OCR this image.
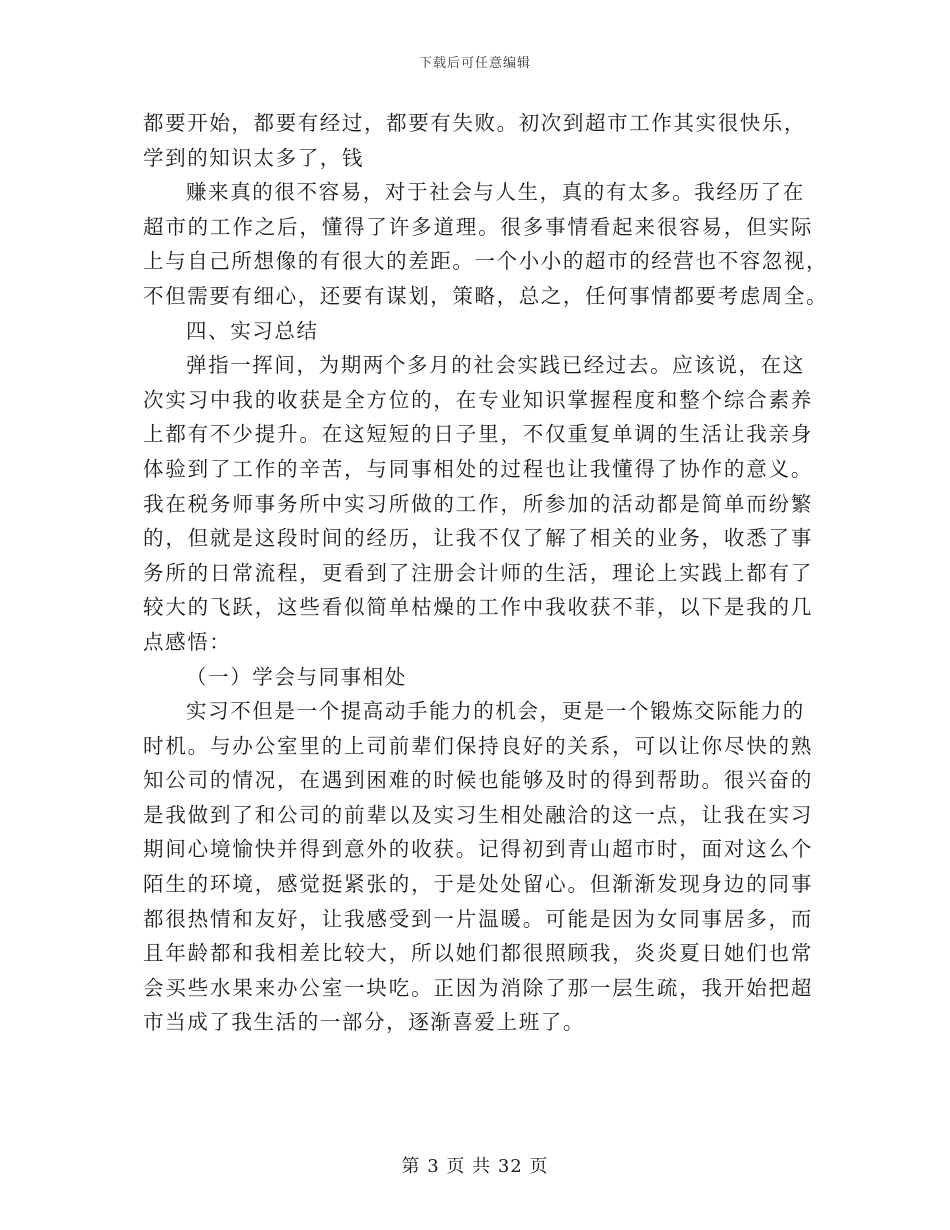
下载后可任意编辑
都要开始，都要有经过，都要有失败。初次到超市工作其实很快乐，
学到的知识太多了，钱
赚来真的很不容易，对于社会与人生，真的有太多。我经历了在
超市的工作之后，懂得了许多道理。很多事情看起来很容易，但实际
上与自己所想像的有很大的差距。一个小小的超市的经营也不容忽视，
不但需要有细心，还要有谋划，策略，总之，任何事情都要考虑周全。
四、实习总结
弹指一挥间，为期两个多月的社会实践已经过去。应该说，在这
次实习中我的收获是全方位的，在专业知识掌握程度和整个综合素养
上都有不少提升。在这短短的日子里，不仅重复单调的生活让我亲身
体验到了工作的辛苦，与同事相处的过程也让我懂得了协作的意义。
我在税务师事务所中实习所做的工作，所参加的活动都是简单而纷繁
的，但就是这段时间的经历，让我不仅了解了相关的业务，收悉了事
务所的日常流程，更看到了注册会计师的生活，理论上实践上都有了
较大的飞跃，这些看似简单枯燥的工作中我收获不菲，以下是我的几
点感悟：
（一）学会与同事相处
实习不但是一个提高动手能力的机会，更是一个锻炼交际能力的
时机。与办公室里的上司前辈们保持良好的关系，可以让你尽快的熟
知公司的情况，在遇到困难的时候也能够及时的得到帮助。很兴奋的
是我做到了和公司的前辈以及实习生相处融洽的这一点，让我在实习
期间心境愉快并得到意外的收获。记得初到青山超市时，面对这么个
陌生的环境，感觉挺紧张的，于是处处留心。但渐渐发现身边的同事
都很热情和友好，让我感受到一片温暖。可能是因为女同事居多，而
且年龄都和我相差比较大，所以她们都很照顾我，炎炎夏日她们也常
会买些水果来办公室一块吃。正因为消除了那一层生疏，我开始把超
市当成了我生活的一部分，逐渐喜爱上班了。
第 3 页 共 32 页
